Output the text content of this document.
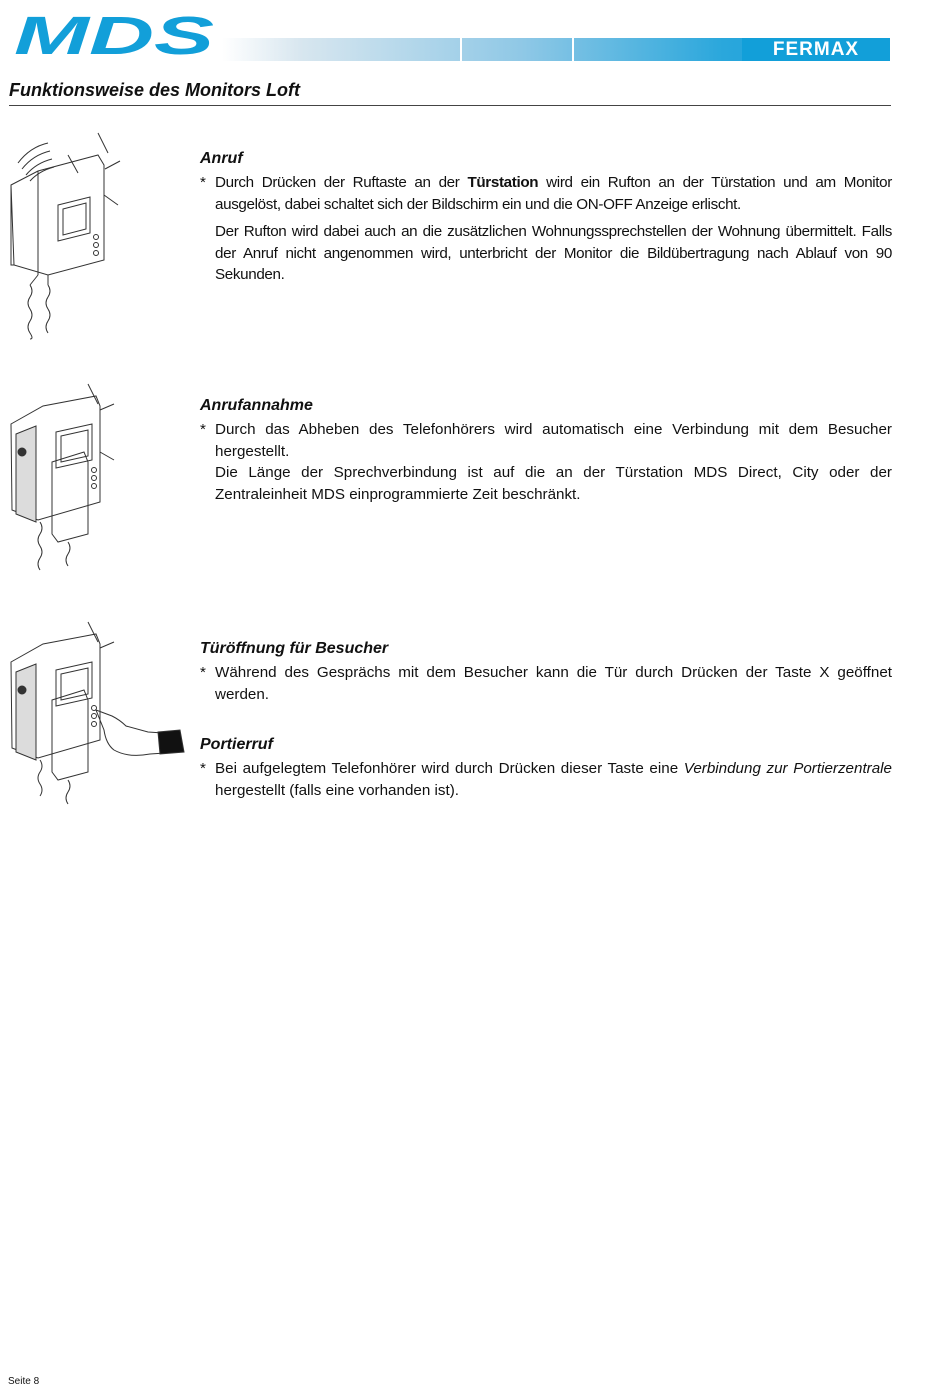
MDS	FERMAX
Funktionsweise des Monitors Loft
Anruf

* Durch Drücken der Ruftaste an der Türstation wird ein Rufton an der Türstation und am Monitor ausgelöst, dabei schaltet sich der Bildschirm ein und die ON-OFF Anzeige erlischt.

Der Rufton wird dabei auch an die zusätzlichen Wohnungssprechstellen der Wohnung übermittelt. Falls der Anruf nicht angenommen wird, unterbricht der Monitor die Bildübertragung nach Ablauf von 90 Sekunden.

Anrufannahme

* Durch das Abheben des Telefonhörers wird automatisch eine Verbindung mit dem Besucher hergestellt.

Die Länge der Sprechverbindung ist auf die an der Türstation MDS Direct, City oder der Zentraleinheit MDS einprogrammierte Zeit beschränkt.

Türöffnung für Besucher

* Während des Gesprächs mit dem Besucher kann die Tür durch Drücken der Taste X geöffnet werden.

Portierruf

* Bei aufgelegtem Telefonhörer wird durch Drücken dieser Taste eine Verbindung zur Portierzentrale hergestellt (falls eine vorhanden ist).

Seite 8
